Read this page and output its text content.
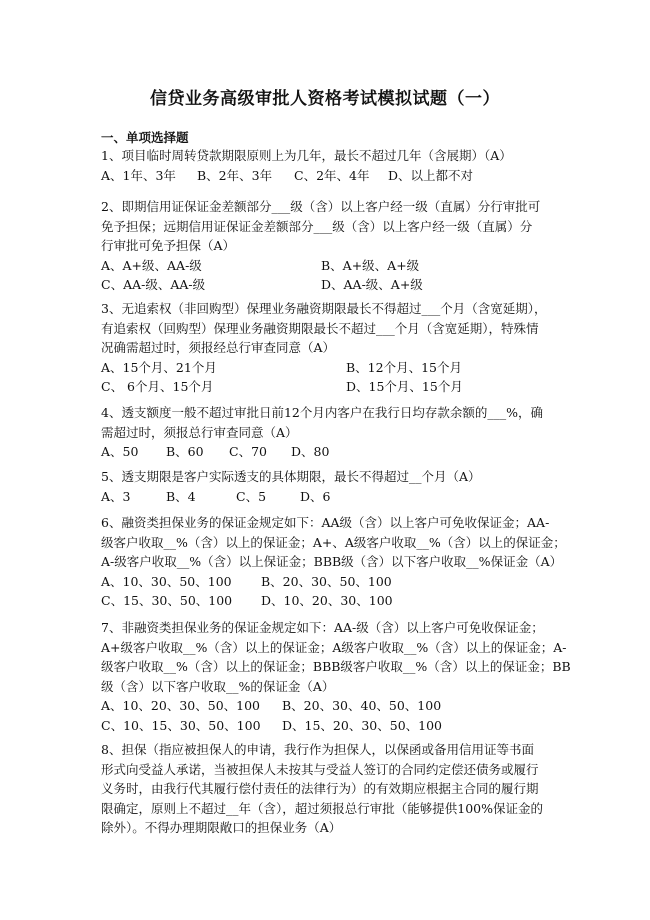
信贷业务高级审批人资格考试模拟试题（一）
一、单项选择题

1、项目临时周转贷款期限原则上为几年，最长不超过几年（含展期）（A）

A、1年、3年 B、2年、3年 C、2年、4年 D、以上都不对

2、即期信用证保证金差额部分___级（含）以上客户经一级（直属）分行审批可

免予担保；远期信用证保证金差额部分___级（含）以上客户经一级（直属）分

行审批可免予担保（A）

A、A+级、AA-级	B、A+级、A+级
C、AA-级、AA-级	D、AA-级、A+级

3、无追索权（非回购型）保理业务融资期限最长不得超过___个月（含宽延期），

有追索权（回购型）保理业务融资期限最长不超过___个月（含宽延期），特殊情

况确需超过时，须报经总行审查同意（A）

A、15个月、21个月	B、12个月、15个月
C、 6个月、15个月	D、15个月、15个月

4、透支额度一般不超过审批日前12个月内客户在我行日均存款余额的___%，确

需超过时，须报总行审查同意（A）

A、50 B、60 C、70 D、80

5、透支期限是客户实际透支的具体期限，最长不得超过__个月（A）

A、3	B、4	C、5	D、6

6、融资类担保业务的保证金规定如下：AA级（含）以上客户可免收保证金；AA-

级客户收取__%（含）以上的保证金；A+、A级客户收取__%（含）以上的保证金；

A-级客户收取__%（含）以上保证金；BBB级（含）以下客户收取__%保证金（A）

A、10、30、50、100 B、20、30、50、100
C、15、30、50、100 D、10、20、30、100

7、非融资类担保业务的保证金规定如下：AA-级（含）以上客户可免收保证金；

A+级客户收取__%（含）以上的保证金；A级客户收取__%（含）以上的保证金；A-

级客户收取__%（含）以上的保证金；BBB级客户收取__%（含）以上的保证金；BB

级（含）以下客户收取__%的保证金（A）

A、10、20、30、50、100 B、20、30、40、50、100
C、10、15、30、50、100 D、15、20、30、50、100

8、担保（指应被担保人的申请，我行作为担保人，以保函或备用信用证等书面

形式向受益人承诺，当被担保人未按其与受益人签订的合同约定偿还债务或履行

义务时，由我行代其履行偿付责任的法律行为）的有效期应根据主合同的履行期

限确定，原则上不超过__年（含），超过须报总行审批（能够提供100%保证金的

除外）。不得办理期限敞口的担保业务（A）
